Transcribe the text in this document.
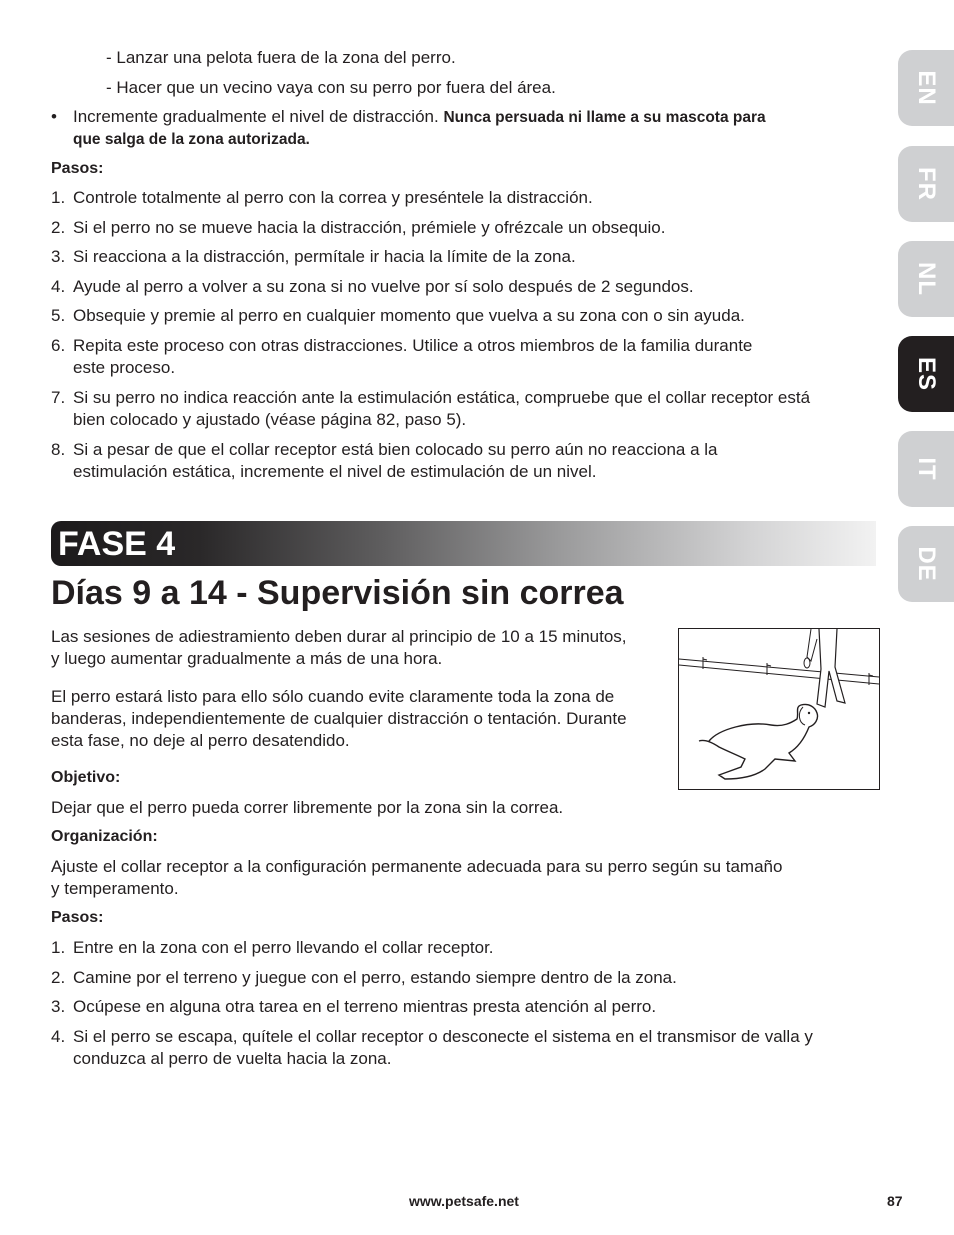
EN
FR
NL
ES
IT
DE
- Lanzar una pelota fuera de la zona del perro.
- Hacer que un vecino vaya con su perro por fuera del área.
• Incremente gradualmente el nivel de distracción. Nunca persuada ni llame a su mascota para
que salga de la zona autorizada.
Pasos:
1. Controle totalmente al perro con la correa y preséntele la distracción.
2. Si el perro no se mueve hacia la distracción, prémiele y ofrézcale un obsequio.
3. Si reacciona a la distracción, permítale ir hacia la límite de la zona.
4. Ayude al perro a volver a su zona si no vuelve por sí solo después de 2 segundos.
5. Obsequie y premie al perro en cualquier momento que vuelva a su zona con o sin ayuda.
6. Repita este proceso con otras distracciones. Utilice a otros miembros de la familia durante
este proceso.
7. Si su perro no indica reacción ante la estimulación estática, compruebe que el collar receptor está
bien colocado y ajustado (véase página 82, paso 5).
8. Si a pesar de que el collar receptor está bien colocado su perro aún no reacciona a la
estimulación estática, incremente el nivel de estimulación de un nivel.
FASE 4
Días 9 a 14 - Supervisión sin correa
Las sesiones de adiestramiento deben durar al principio de 10 a 15 minutos,
y luego aumentar gradualmente a más de una hora.
El perro estará listo para ello sólo cuando evite claramente toda la zona de
banderas, independientemente de cualquier distracción o tentación. Durante
esta fase, no deje al perro desatendido.
Objetivo:
Dejar que el perro pueda correr libremente por la zona sin la correa.
Organización:
Ajuste el collar receptor a la configuración permanente adecuada para su perro según su tamaño
y temperamento.
Pasos:
1. Entre en la zona con el perro llevando el collar receptor.
2. Camine por el terreno y juegue con el perro, estando siempre dentro de la zona.
3. Ocúpese en alguna otra tarea en el terreno mientras presta atención al perro.
4. Si el perro se escapa, quítele el collar receptor o desconecte el sistema en el transmisor de valla y
conduzca al perro de vuelta hacia la zona.
www.petsafe.net	87
